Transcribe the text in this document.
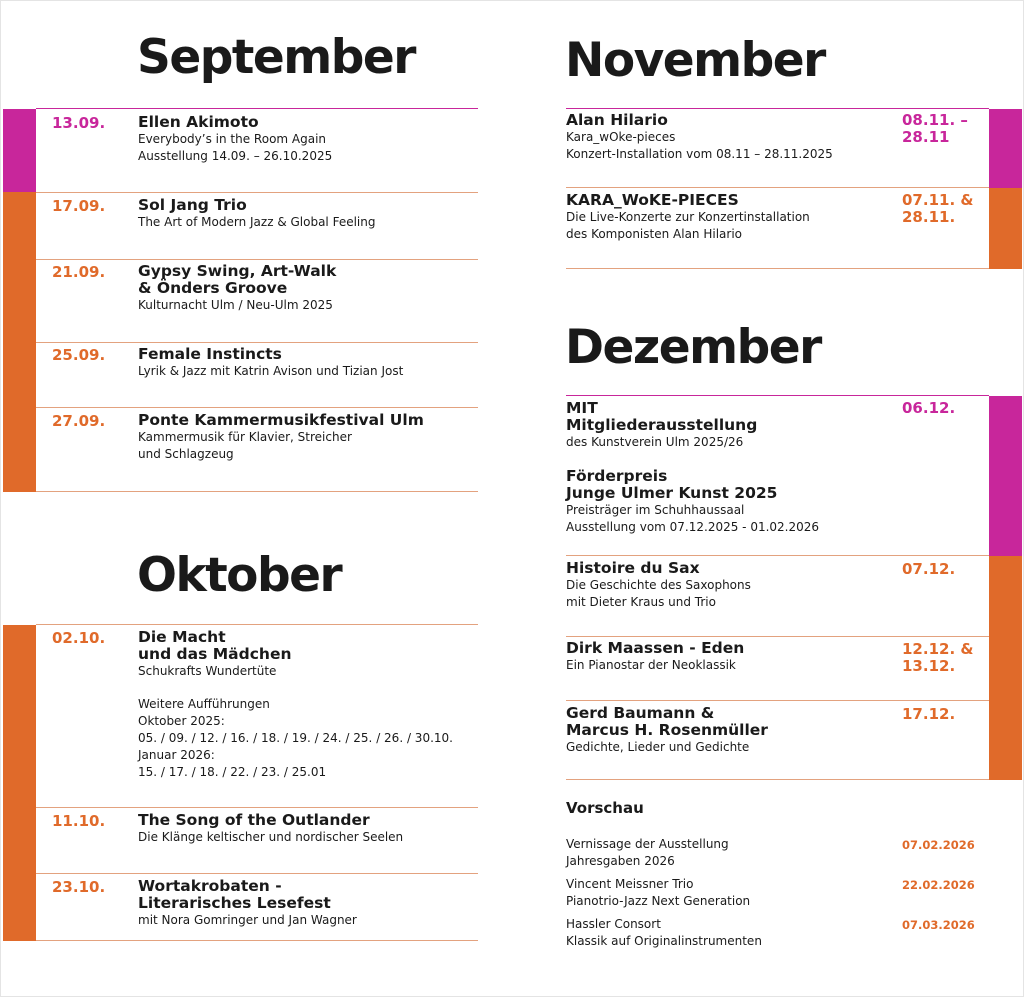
September
13.09. Ellen Akimoto
Everybody’s in the Room Again
Ausstellung 14.09. – 26.10.2025
17.09. Sol Jang Trio
The Art of Modern Jazz & Global Feeling
21.09. Gypsy Swing, Art-Walk
& Önders Groove
Kulturnacht Ulm / Neu-Ulm 2025
25.09. Female Instincts
Lyrik & Jazz mit Katrin Avison und Tizian Jost
27.09. Ponte Kammermusikfestival Ulm
Kammermusik für Klavier, Streicher
und Schlagzeug
Oktober
02.10. Die Macht
und das Mädchen
Schukrafts Wundertüte
Weitere Aufführungen
Oktober 2025:
05. / 09. / 12. / 16. / 18. / 19. / 24. / 25. / 26. / 30.10.
Januar 2026:
15. / 17. / 18. / 22. / 23. / 25.01
11.10. The Song of the Outlander
Die Klänge keltischer und nordischer Seelen
23.10. Wortakrobaten -
Literarisches Lesefest
mit Nora Gomringer und Jan Wagner
November
Alan Hilario
Kara_wOke-pieces
Konzert-Installation vom 08.11 – 28.11.2025
08.11. –
28.11
KARA_WoKE-PIECES
Die Live-Konzerte zur Konzertinstallation
des Komponisten Alan Hilario
07.11. &
28.11.
Dezember
MIT
Mitgliederausstellung
des Kunstverein Ulm 2025/26
Förderpreis
Junge Ulmer Kunst 2025
Preisträger im Schuhhaussaal
Ausstellung vom 07.12.2025 - 01.02.2026
06.12.
Histoire du Sax
Die Geschichte des Saxophons
mit Dieter Kraus und Trio
07.12.
Dirk Maassen - Eden
Ein Pianostar der Neoklassik
12.12. &
13.12.
Gerd Baumann &
Marcus H. Rosenmüller
Gedichte, Lieder und Gedichte
17.12.
Vorschau
Vernissage der Ausstellung
Jahresgaben 2026
07.02.2026
Vincent Meissner Trio
Pianotrio-Jazz Next Generation
22.02.2026
Hassler Consort
Klassik auf Originalinstrumenten
07.03.2026
